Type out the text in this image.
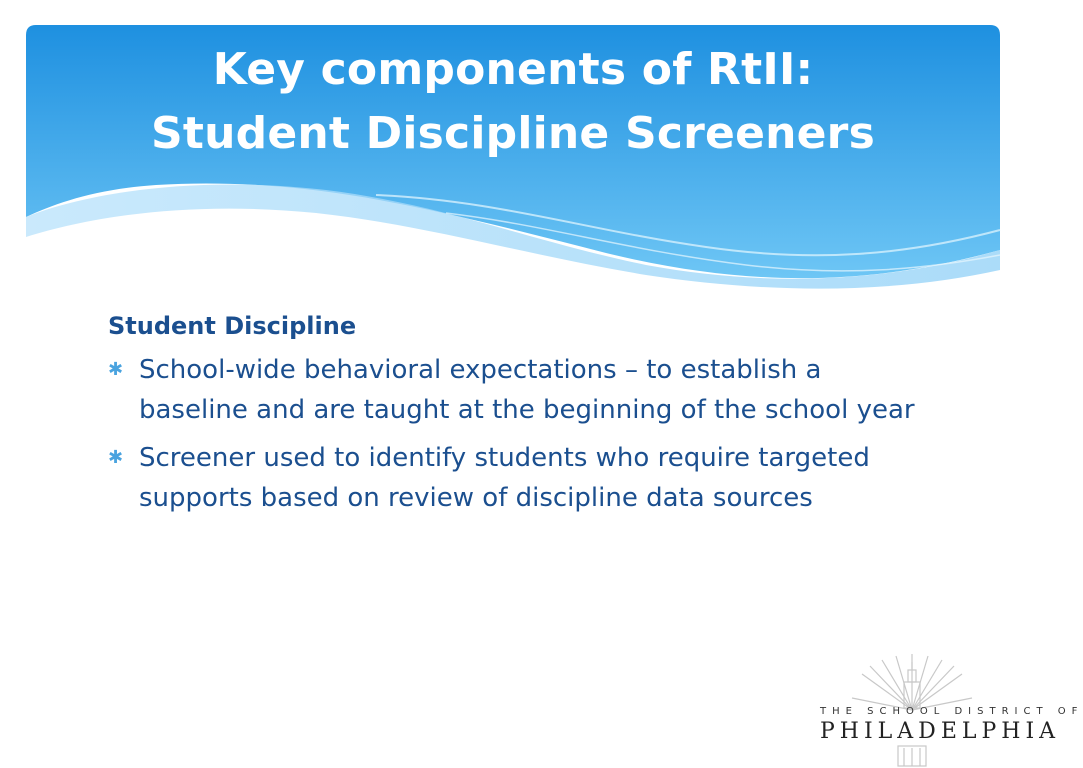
Key components of RtII:
Student Discipline Screeners
Student Discipline
✱ School-wide behavioral expectations – to establish a baseline and are taught at the beginning of the school year
✱ Screener used to identify students who require targeted supports based on review of discipline data sources
THE SCHOOL DISTRICT OF
PHILADELPHIA
